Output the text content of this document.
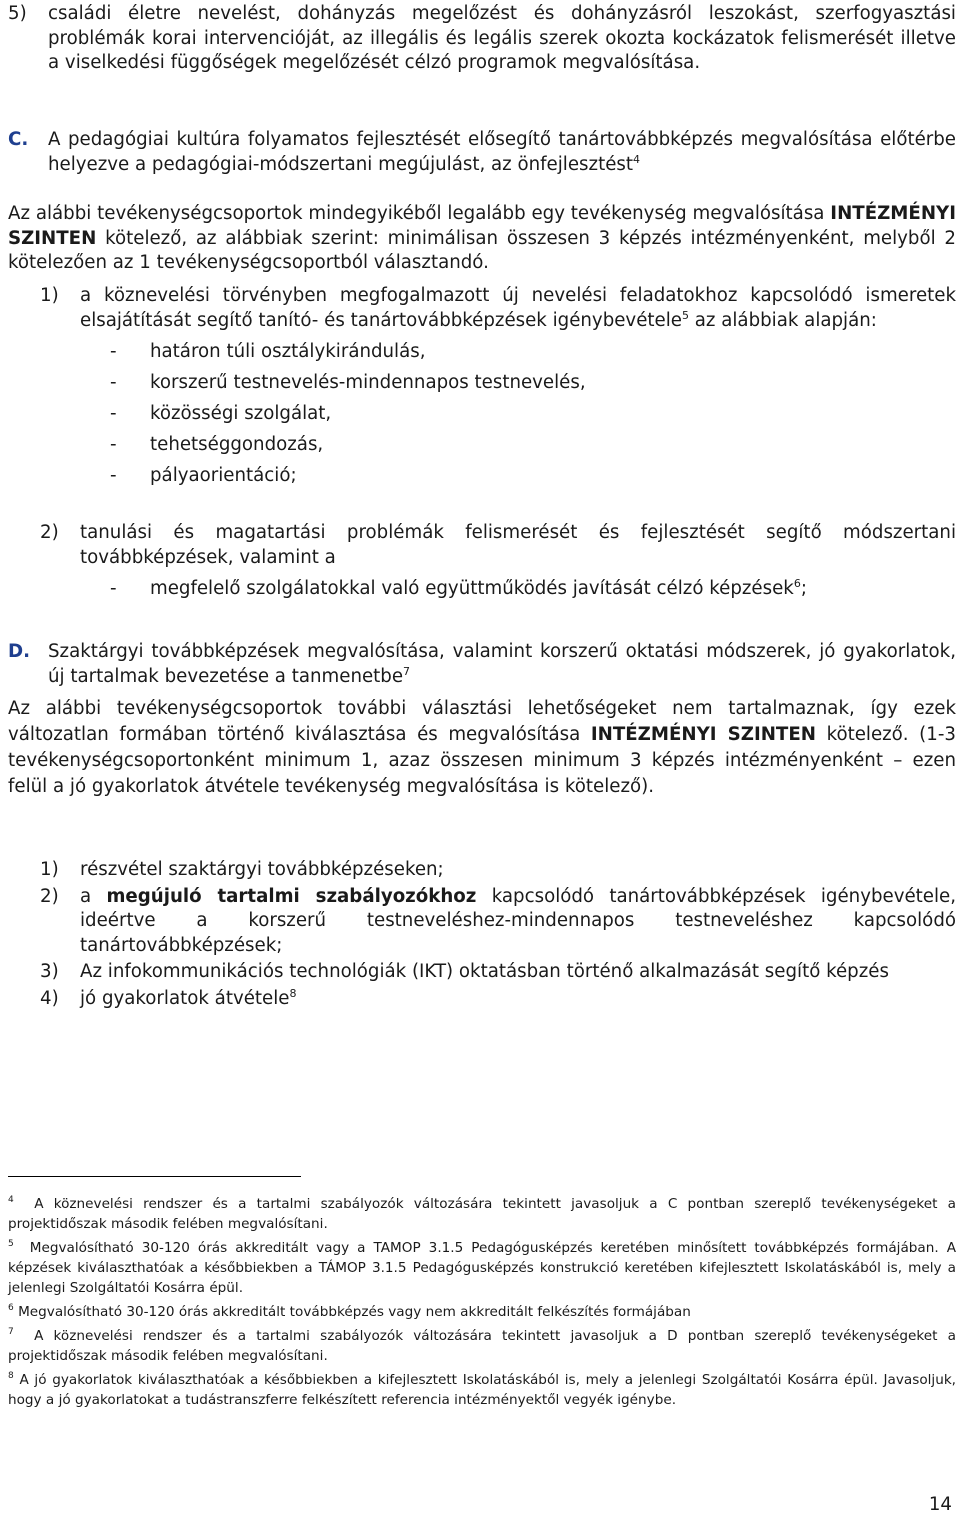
5)	családi életre nevelést, dohányzás megelőzést és dohányzásról leszokást, szerfogyasztási problémák korai intervencióját, az illegális és legális szerek okozta kockázatok felismerését illetve a viselkedési függőségek megelőzését célzó programok megvalósítása.
C.	A pedagógiai kultúra folyamatos fejlesztését elősegítő tanártovábbképzés megvalósítása előtérbe helyezve a pedagógiai-módszertani megújulást, az önfejlesztést$^4$
Az alábbi tevékenységcsoportok mindegyikéből legalább egy tevékenység megvalósítása INTÉZMÉNYI SZINTEN kötelező, az alábbiak szerint: minimálisan összesen 3 képzés intézményenként, melyből 2 kötelezően az 1 tevékenységcsoportból választandó.
1)	a köznevelési törvényben megfogalmazott új nevelési feladatokhoz kapcsolódó ismeretek elsajátítását segítő tanító- és tanártovábbképzések igénybevétele$^5$ az alábbiak alapján:
-	határon túli osztálykirándulás,
-	korszerű testnevelés-mindennapos testnevelés,
-	közösségi szolgálat,
-	tehetséggondozás,
-	pályaorientáció;
2)	tanulási és magatartási problémák felismerését és fejlesztését segítő módszertani továbbképzések, valamint a
-	megfelelő szolgálatokkal való együttműködés javítását célzó képzések$^6$;
D. Szaktárgyi továbbképzések megvalósítása, valamint korszerű oktatási módszerek, jó gyakorlatok, új tartalmak bevezetése a tanmenetbe$^7$
Az alábbi tevékenységcsoportok további választási lehetőségeket nem tartalmaznak, így ezek változatlan formában történő kiválasztása és megvalósítása INTÉZMÉNYI SZINTEN kötelező. (1-3 tevékenységcsoportonként minimum 1, azaz összesen minimum 3 képzés intézményenként – ezen felül a jó gyakorlatok átvétele tevékenység megvalósítása is kötelező).
1)	részvétel szaktárgyi továbbképzéseken;
2)	a megújuló tartalmi szabályozókhoz kapcsolódó tanártovábbképzések igénybevétele, ideértve a korszerű testneveléshez-mindennapos testneveléshez kapcsolódó tanártovábbképzések;
3)	Az infokommunikációs technológiák (IKT) oktatásban történő alkalmazását segítő képzés
4)	jó gyakorlatok átvétele$^8$
$^4$ A köznevelési rendszer és a tartalmi szabályozók változására tekintett javasoljuk a C pontban szereplő tevékenységeket a projektidőszak második felében megvalósítani.
$^5$ Megvalósítható 30-120 órás akkreditált vagy a TAMOP 3.1.5 Pedagógusképzés keretében minősített továbbképzés formájában. A képzések kiválaszthatóak a későbbiekben a TÁMOP 3.1.5 Pedagógusképzés konstrukció keretében kifejlesztett Iskolatáskából is, mely a jelenlegi Szolgáltatói Kosárra épül.
$^6$ Megvalósítható 30-120 órás akkreditált továbbképzés vagy nem akkreditált felkészítés formájában
$^7$ A köznevelési rendszer és a tartalmi szabályozók változására tekintett javasoljuk a D pontban szereplő tevékenységeket a projektidőszak második felében megvalósítani.
$^8$ A jó gyakorlatok kiválaszthatóak a későbbiekben a kifejlesztett Iskolatáskából is, mely a jelenlegi Szolgáltatói Kosárra épül. Javasoljuk, hogy a jó gyakorlatokat a tudástranszferre felkészített referencia intézményektől vegyék igénybe.
14
